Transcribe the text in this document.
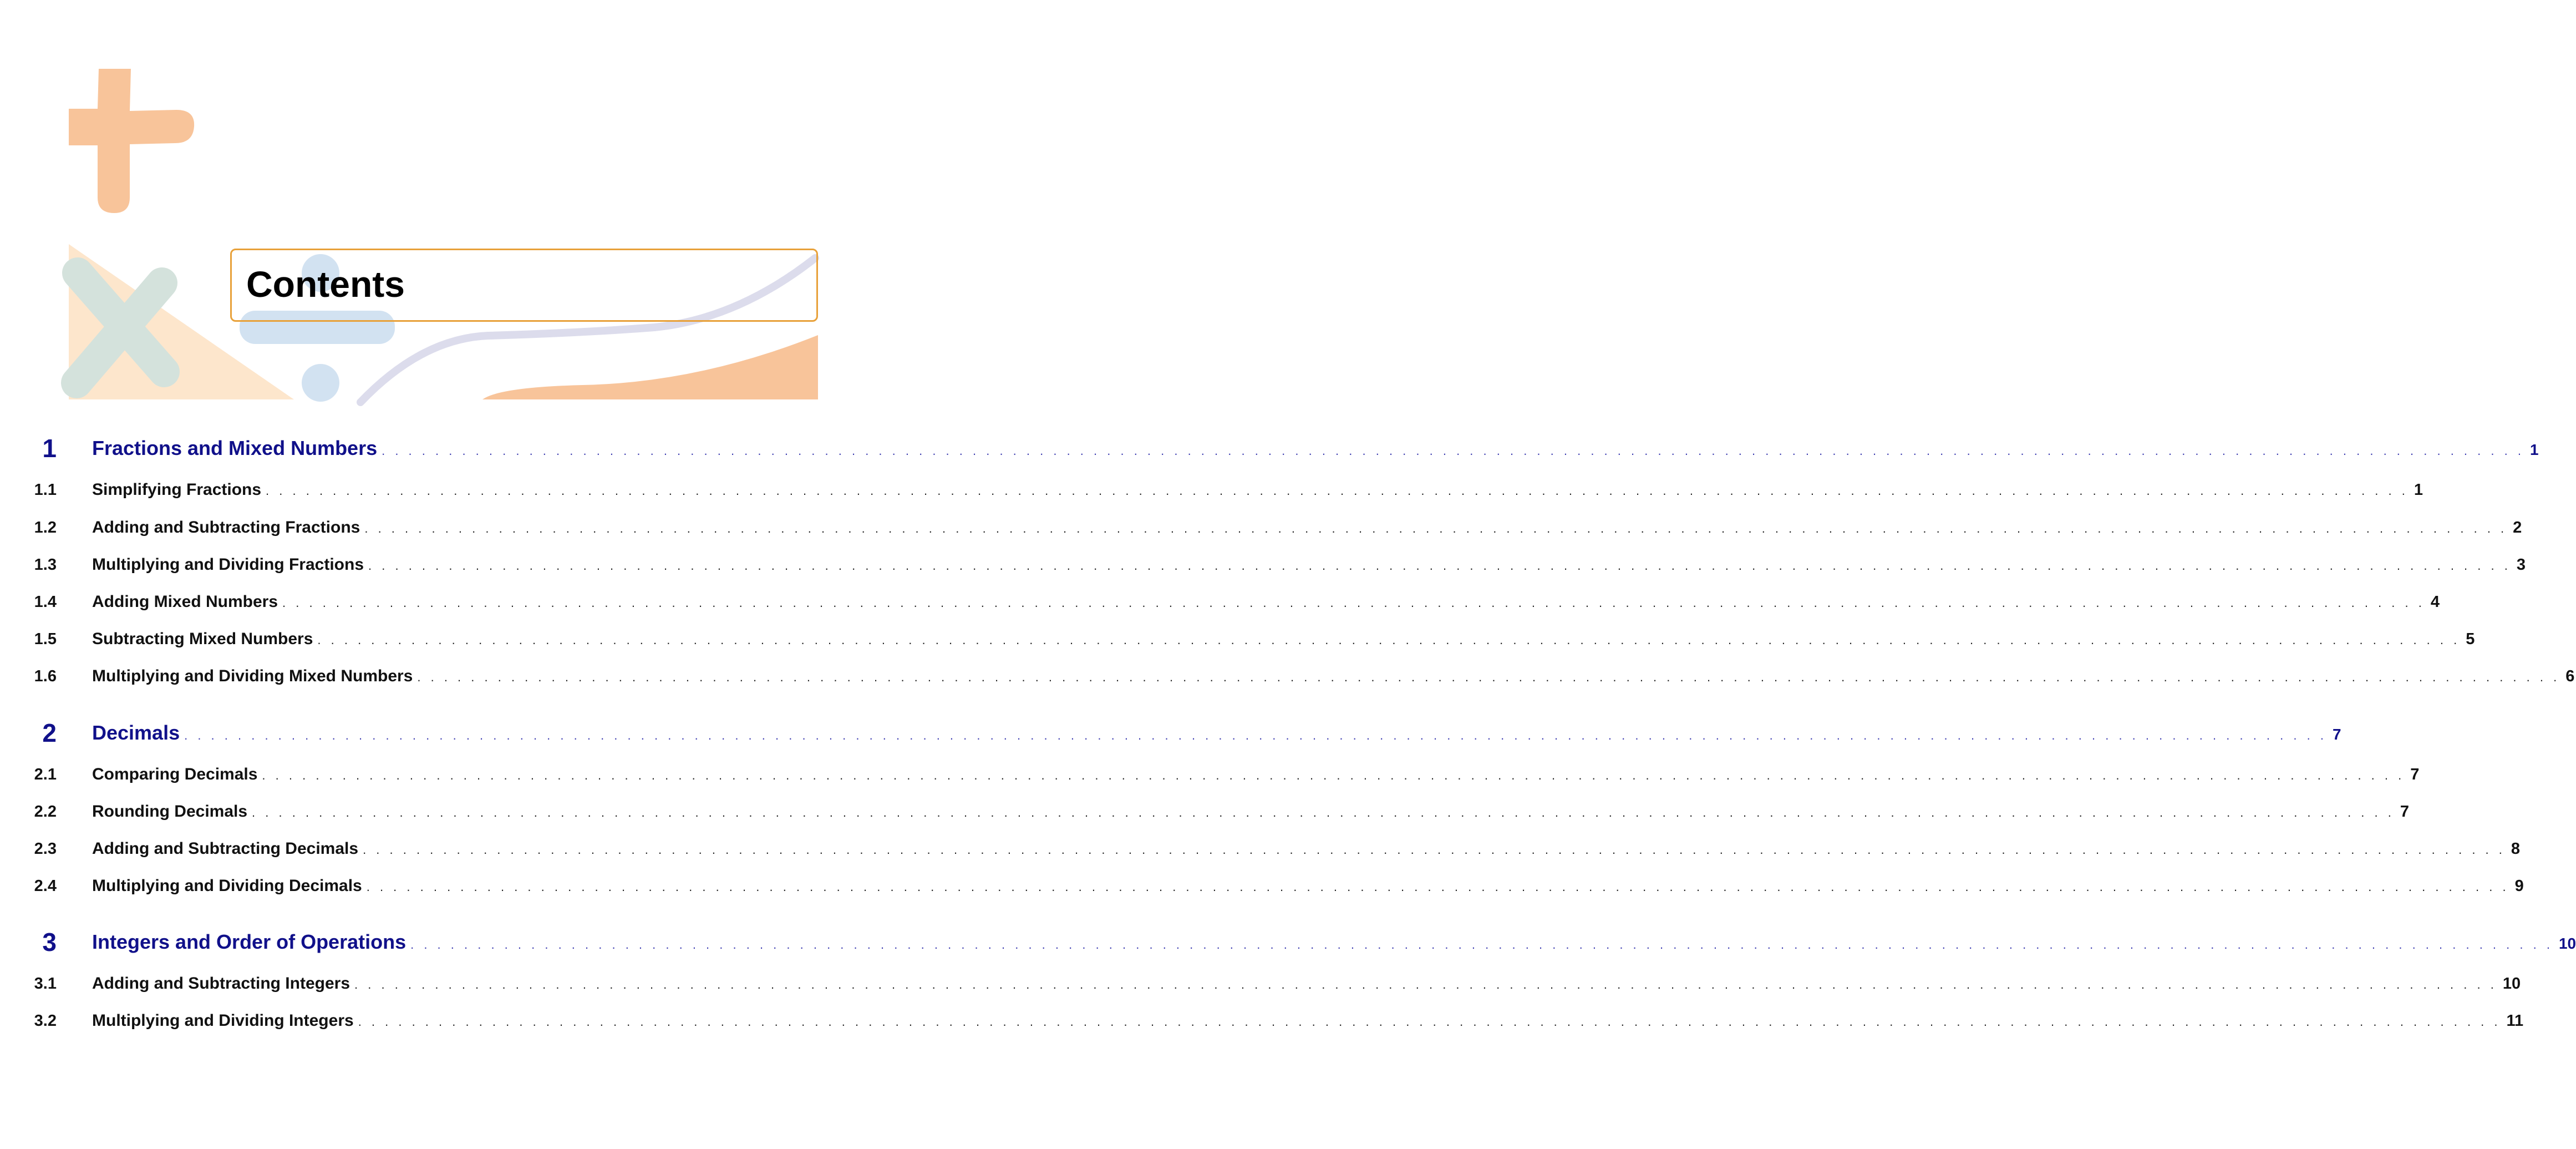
Contents
1 Fractions and Mixed Numbers . . . . . . . . . . . . . . . . . . . . . . . . . . . . . . . . . . . . . . . . . . . . . . . . . . . . . . . . . . . . . . . . . . . . . . . . . . . . . . . . . . . . . . . . . . . . . . . . . . . . . . . . . . . . . . . . . . . . . . . . . . . . . . . . . . . . . . . . . . . . . . . . . . . . . . . . . . . . . . . . 1
1.1 Simplifying Fractions . . . . . . . . . . . . . . . . . . . . . . . . . . . . . . . . . . . . . . . . . . . . . . . . . . . . . . . . . . . . . . . . . . . . . . . . . . . . . . . . . . . . . . . . . . . . . . . . . . . . . . . . . . . . . . . . . . . . . . . . . . . . . . . . . . . . . . . . . . . . . . . . . . . . . . . . . . . . . . . . 1
1.2 Adding and Subtracting Fractions . . . . . . . . . . . . . . . . . . . . . . . . . . . . . . . . . . . . . . . . . . . . . . . . . . . . . . . . . . . . . . . . . . . . . . . . . . . . . . . . . . . . . . . . . . . . . . . . . . . . . . . . . . . . . . . . . . . . . . . . . . . . . . . . . . . . . . . . . . . . . . . . . . . . . . . . . . . . . . . . 2
1.3 Multiplying and Dividing Fractions . . . . . . . . . . . . . . . . . . . . . . . . . . . . . . . . . . . . . . . . . . . . . . . . . . . . . . . . . . . . . . . . . . . . . . . . . . . . . . . . . . . . . . . . . . . . . . . . . . . . . . . . . . . . . . . . . . . . . . . . . . . . . . . . . . . . . . . . . . . . . . . . . . . . . . . . . . . . . . . . 3
1.4 Adding Mixed Numbers . . . . . . . . . . . . . . . . . . . . . . . . . . . . . . . . . . . . . . . . . . . . . . . . . . . . . . . . . . . . . . . . . . . . . . . . . . . . . . . . . . . . . . . . . . . . . . . . . . . . . . . . . . . . . . . . . . . . . . . . . . . . . . . . . . . . . . . . . . . . . . . . . . . . . . . . . . . . . . . . 4
1.5 Subtracting Mixed Numbers . . . . . . . . . . . . . . . . . . . . . . . . . . . . . . . . . . . . . . . . . . . . . . . . . . . . . . . . . . . . . . . . . . . . . . . . . . . . . . . . . . . . . . . . . . . . . . . . . . . . . . . . . . . . . . . . . . . . . . . . . . . . . . . . . . . . . . . . . . . . . . . . . . . . . . . . . . . . . . . . 5
1.6 Multiplying and Dividing Mixed Numbers . . . . . . . . . . . . . . . . . . . . . . . . . . . . . . . . . . . . . . . . . . . . . . . . . . . . . . . . . . . . . . . . . . . . . . . . . . . . . . . . . . . . . . . . . . . . . . . . . . . . . . . . . . . . . . . . . . . . . . . . . . . . . . . . . . . . . . . . . . . . . . . . . . . . . . . . . . . . . . . . 6
2 Decimals . . . . . . . . . . . . . . . . . . . . . . . . . . . . . . . . . . . . . . . . . . . . . . . . . . . . . . . . . . . . . . . . . . . . . . . . . . . . . . . . . . . . . . . . . . . . . . . . . . . . . . . . . . . . . . . . . . . . . . . . . . . . . . . . . . . . . . . . . . . . . . . . . . . . . . . . . . . . . . . . 7
2.1 Comparing Decimals . . . . . . . . . . . . . . . . . . . . . . . . . . . . . . . . . . . . . . . . . . . . . . . . . . . . . . . . . . . . . . . . . . . . . . . . . . . . . . . . . . . . . . . . . . . . . . . . . . . . . . . . . . . . . . . . . . . . . . . . . . . . . . . . . . . . . . . . . . . . . . . . . . . . . . . . . . . . . . . . 7
2.2 Rounding Decimals . . . . . . . . . . . . . . . . . . . . . . . . . . . . . . . . . . . . . . . . . . . . . . . . . . . . . . . . . . . . . . . . . . . . . . . . . . . . . . . . . . . . . . . . . . . . . . . . . . . . . . . . . . . . . . . . . . . . . . . . . . . . . . . . . . . . . . . . . . . . . . . . . . . . . . . . . . . . . . . . 7
2.3 Adding and Subtracting Decimals . . . . . . . . . . . . . . . . . . . . . . . . . . . . . . . . . . . . . . . . . . . . . . . . . . . . . . . . . . . . . . . . . . . . . . . . . . . . . . . . . . . . . . . . . . . . . . . . . . . . . . . . . . . . . . . . . . . . . . . . . . . . . . . . . . . . . . . . . . . . . . . . . . . . . . . . . . . . . . . . 8
2.4 Multiplying and Dividing Decimals . . . . . . . . . . . . . . . . . . . . . . . . . . . . . . . . . . . . . . . . . . . . . . . . . . . . . . . . . . . . . . . . . . . . . . . . . . . . . . . . . . . . . . . . . . . . . . . . . . . . . . . . . . . . . . . . . . . . . . . . . . . . . . . . . . . . . . . . . . . . . . . . . . . . . . . . . . . . . . . . 9
3 Integers and Order of Operations . . . . . . . . . . . . . . . . . . . . . . . . . . . . . . . . . . . . . . . . . . . . . . . . . . . . . . . . . . . . . . . . . . . . . . . . . . . . . . . . . . . . . . . . . . . . . . . . . . . . . . . . . . . . . . . . . . . . . . . . . . . . . . . . . . . . . . . . . . . . . . . . . . . . . . . . . . . . . . . . 10
3.1 Adding and Subtracting Integers . . . . . . . . . . . . . . . . . . . . . . . . . . . . . . . . . . . . . . . . . . . . . . . . . . . . . . . . . . . . . . . . . . . . . . . . . . . . . . . . . . . . . . . . . . . . . . . . . . . . . . . . . . . . . . . . . . . . . . . . . . . . . . . . . . . . . . . . . . . . . . . . . . . . . . . . . . . . . . . . 10
3.2 Multiplying and Dividing Integers . . . . . . . . . . . . . . . . . . . . . . . . . . . . . . . . . . . . . . . . . . . . . . . . . . . . . . . . . . . . . . . . . . . . . . . . . . . . . . . . . . . . . . . . . . . . . . . . . . . . . . . . . . . . . . . . . . . . . . . . . . . . . . . . . . . . . . . . . . . . . . . . . . . . . . . . . . . . . . . . 11
